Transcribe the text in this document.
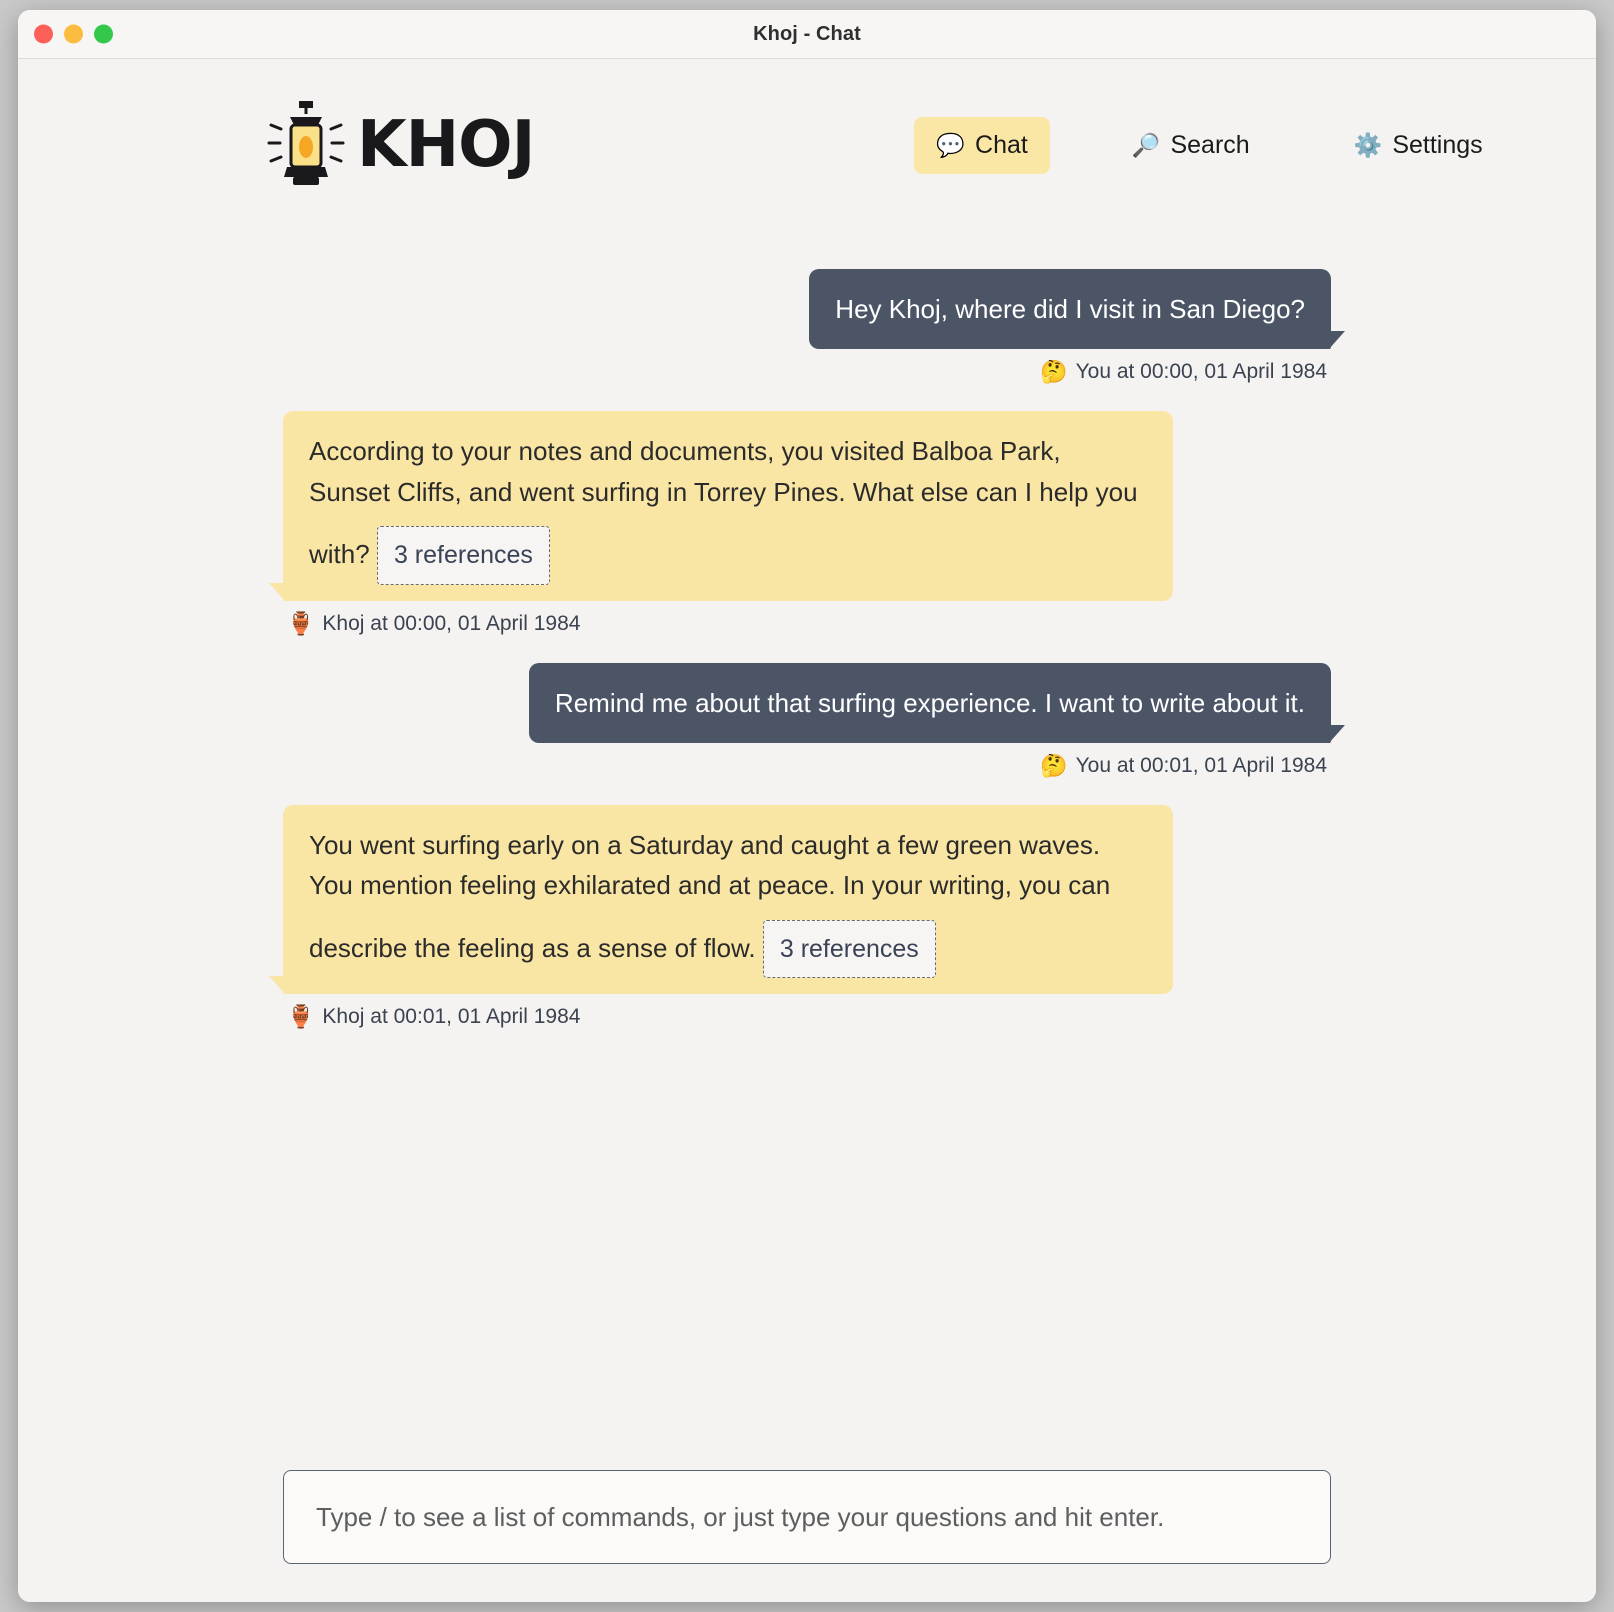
Khoj - Chat
KHOJ	💬 Chat	🔎 Search	⚙️ Settings
Hey Khoj, where did I visit in San Diego?
🤔 You at 00:00, 01 April 1984
According to your notes and documents, you visited Balboa Park, Sunset Cliffs, and went surfing in Torrey Pines. What else can I help you with? 3 references
🏺 Khoj at 00:00, 01 April 1984
Remind me about that surfing experience. I want to write about it.
🤔 You at 00:01, 01 April 1984
You went surfing early on a Saturday and caught a few green waves. You mention feeling exhilarated and at peace. In your writing, you can describe the feeling as a sense of flow. 3 references
🏺 Khoj at 00:01, 01 April 1984
Type / to see a list of commands, or just type your questions and hit enter.
